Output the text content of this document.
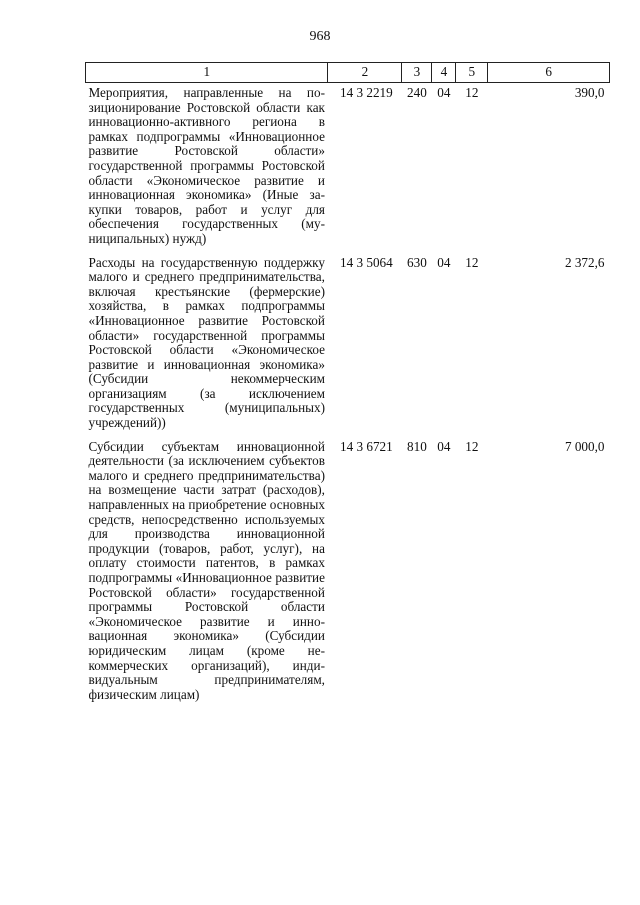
968
1	2	3	4	5	6
Мероприятия, направленные на позиционирование Ростовской области как инновационно-активного региона в рамках подпрограммы «Инновационное развитие Ростовской области» государственной программы Ростовской области «Экономическое развитие и инновационная экономика» (Иные закупки товаров, работ и услуг для обеспечения государственных (муниципальных) нужд)	14 3 2219	240	04	12	390,0
Расходы на государственную поддержку малого и среднего предпринимательства, включая крестьянские (фермерские) хозяйства, в рамках подпрограммы «Инновационное развитие Ростовской области» государственной программы Ростовской области «Экономическое развитие и инновационная экономика» (Субсидии некоммерческим организациям (за исключением государственных (муниципальных) учреждений))	14 3 5064	630	04	12	2 372,6
Субсидии субъектам инновационной деятельности (за исключением субъектов малого и среднего предпринимательства) на возмещение части затрат (расходов), направленных на приобретение основных средств, непосредственно используемых для производства инновационной продукции (товаров, работ, услуг), на оплату стоимости патентов, в рамках подпрограммы «Инновационное развитие Ростовской области» государственной программы Ростовской области «Экономическое развитие и инновационная экономика» (Субсидии юридическим лицам (кроме некоммерческих организаций), индивидуальным предпринимателям, физическим лицам)	14 3 6721	810	04	12	7 000,0
